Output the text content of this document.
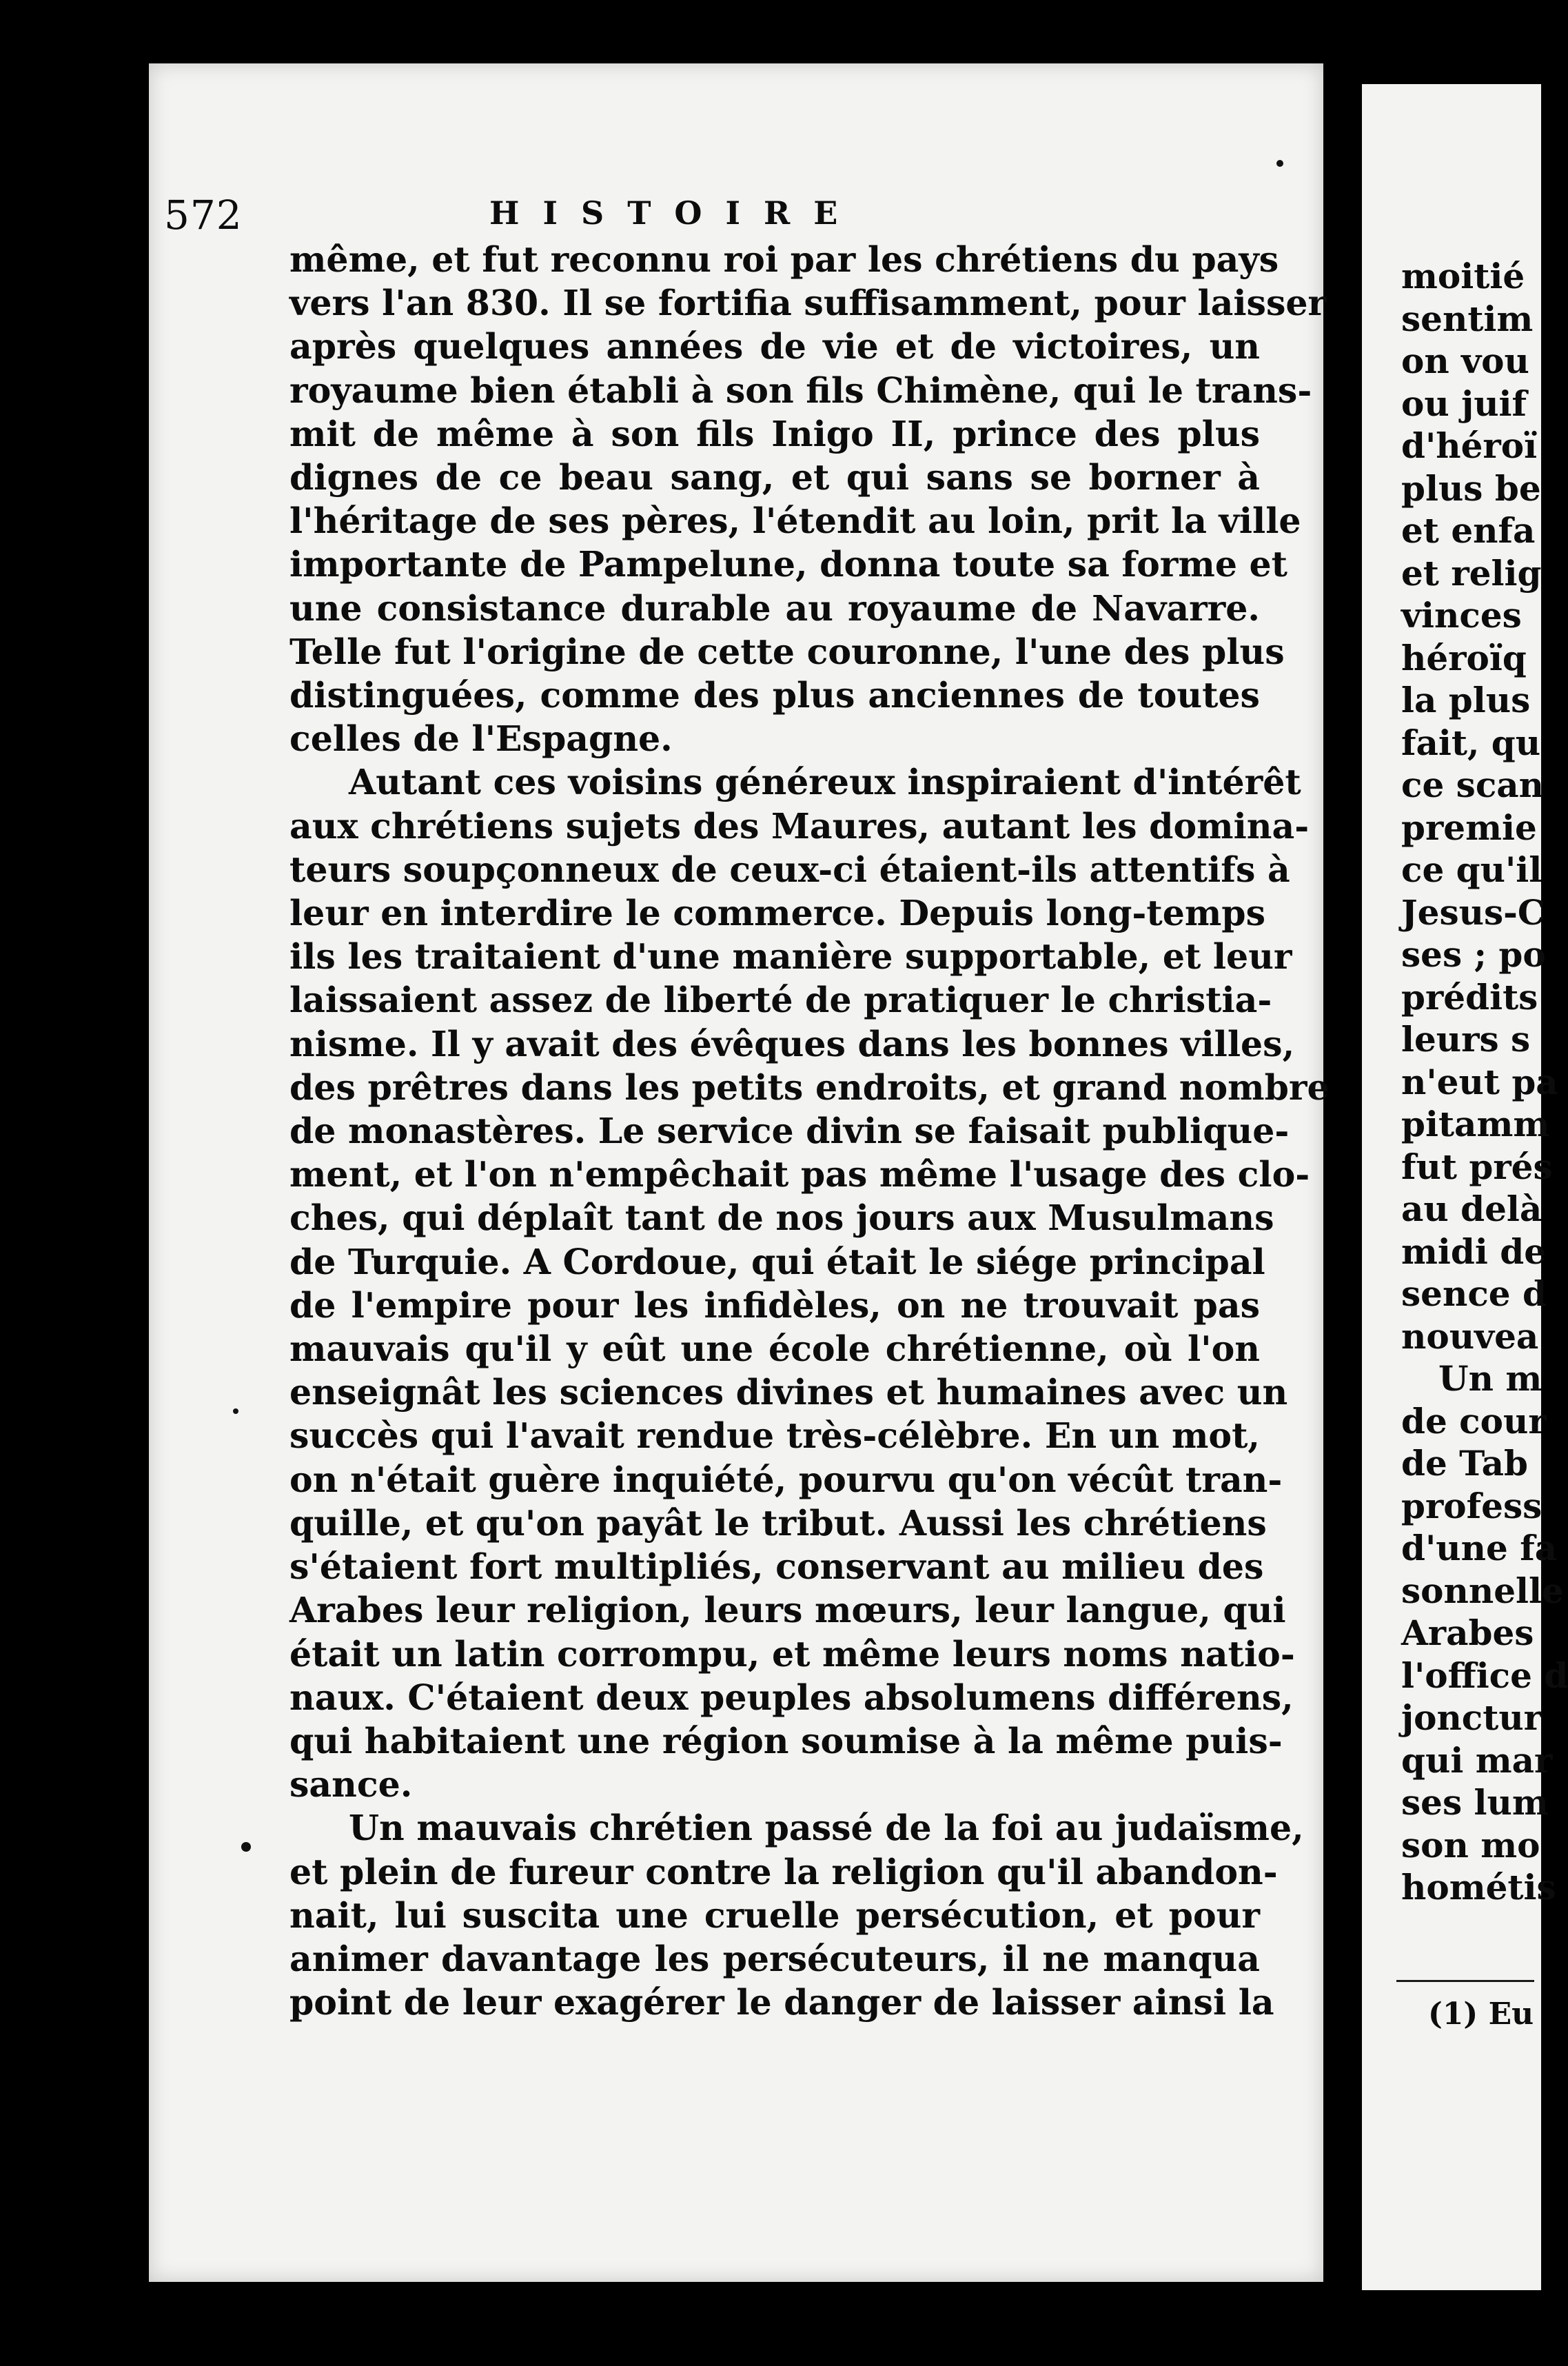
572	HISTOIRE
même, et fut reconnu roi par les chrétiens du pays
vers l'an 830. Il se fortifia suffisamment, pour laisser
après quelques années de vie et de victoires, un
royaume bien établi à son fils Chimène, qui le trans-
mit de même à son fils Inigo II, prince des plus
dignes de ce beau sang, et qui sans se borner à
l'héritage de ses pères, l'étendit au loin, prit la ville
importante de Pampelune, donna toute sa forme et
une consistance durable au royaume de Navarre.
Telle fut l'origine de cette couronne, l'une des plus
distinguées, comme des plus anciennes de toutes
celles de l'Espagne.
Autant ces voisins généreux inspiraient d'intérêt
aux chrétiens sujets des Maures, autant les domina-
teurs soupçonneux de ceux-ci étaient-ils attentifs à
leur en interdire le commerce. Depuis long-temps
ils les traitaient d'une manière supportable, et leur
laissaient assez de liberté de pratiquer le christia-
nisme. Il y avait des évêques dans les bonnes villes,
des prêtres dans les petits endroits, et grand nombre
de monastères. Le service divin se faisait publique-
ment, et l'on n'empêchait pas même l'usage des clo-
ches, qui déplaît tant de nos jours aux Musulmans
de Turquie. A Cordoue, qui était le siége principal
de l'empire pour les infidèles, on ne trouvait pas
mauvais qu'il y eût une école chrétienne, où l'on
enseignât les sciences divines et humaines avec un
succès qui l'avait rendue très-célèbre. En un mot,
on n'était guère inquiété, pourvu qu'on vécût tran-
quille, et qu'on payât le tribut. Aussi les chrétiens
s'étaient fort multipliés, conservant au milieu des
Arabes leur religion, leurs mœurs, leur langue, qui
était un latin corrompu, et même leurs noms natio-
naux. C'étaient deux peuples absolumens différens,
qui habitaient une région soumise à la même puis-
sance.
Un mauvais chrétien passé de la foi au judaïsme,
et plein de fureur contre la religion qu'il abandon-
nait, lui suscita une cruelle persécution, et pour
animer davantage les persécuteurs, il ne manqua
point de leur exagérer le danger de laisser ainsi la
moitié
sentim
on vou
ou juif
d'héroï
plus be
et enfa
et relig
vinces
héroïq
la plus
fait, qu
ce scan
premie
ce qu'il
Jesus-C
ses ; po
prédits
leurs s
n'eut pa
pitamm
fut prés
au delà
midi de
sence d
nouvea
Un m
de cour
de Tab
profess
d'une fa
sonnelle
Arabes
l'office d
jonctur
qui mar
ses lum
son mo
hométis
(1) Eu
